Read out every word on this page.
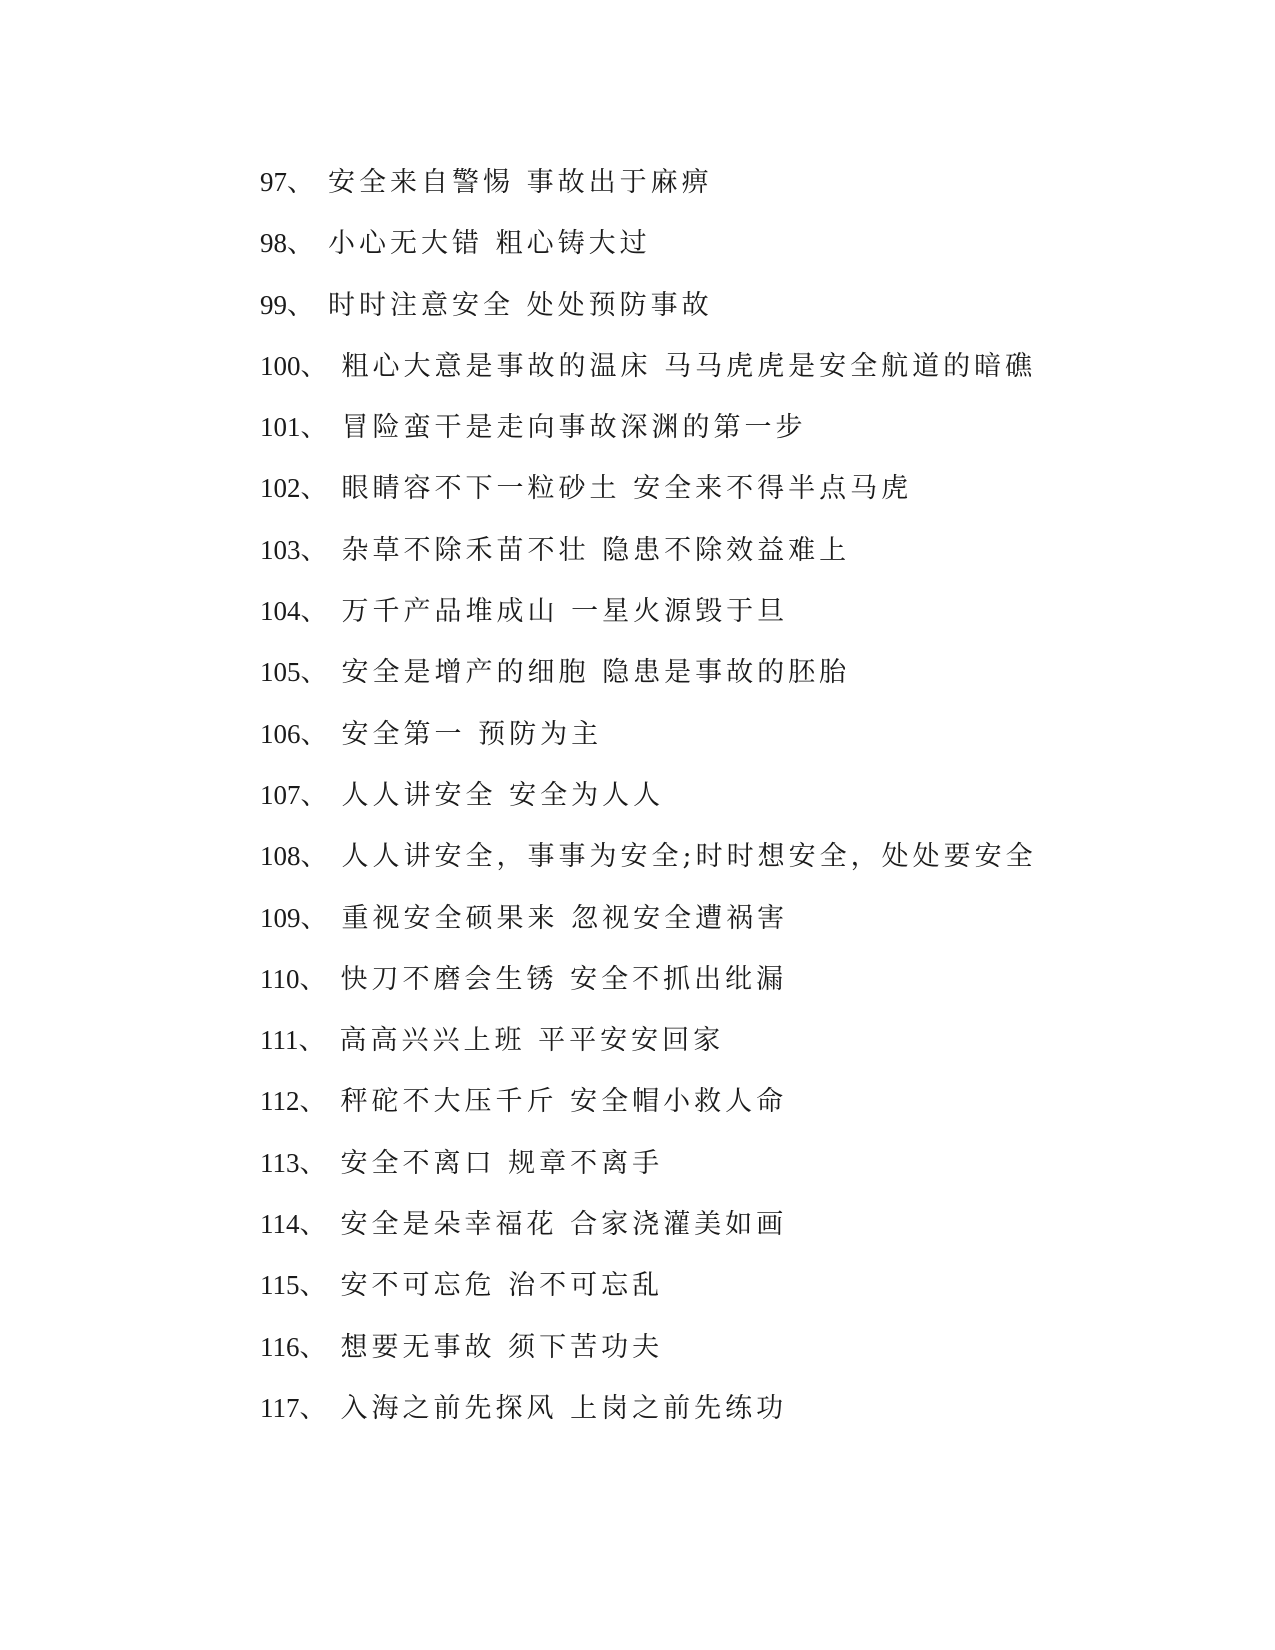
97、 安全来自警惕 事故出于麻痹
98、 小心无大错 粗心铸大过
99、 时时注意安全 处处预防事故
100、 粗心大意是事故的温床 马马虎虎是安全航道的暗礁
101、 冒险蛮干是走向事故深渊的第一步
102、 眼睛容不下一粒砂土 安全来不得半点马虎
103、 杂草不除禾苗不壮 隐患不除效益难上
104、 万千产品堆成山 一星火源毁于旦
105、 安全是增产的细胞 隐患是事故的胚胎
106、 安全第一 预防为主
107、 人人讲安全 安全为人人
108、 人人讲安全，事事为安全;时时想安全，处处要安全
109、 重视安全硕果来 忽视安全遭祸害
110、 快刀不磨会生锈 安全不抓出纰漏
111、 高高兴兴上班 平平安安回家
112、 秤砣不大压千斤 安全帽小救人命
113、 安全不离口 规章不离手
114、 安全是朵幸福花 合家浇灌美如画
115、 安不可忘危 治不可忘乱
116、 想要无事故 须下苦功夫
117、 入海之前先探风 上岗之前先练功
